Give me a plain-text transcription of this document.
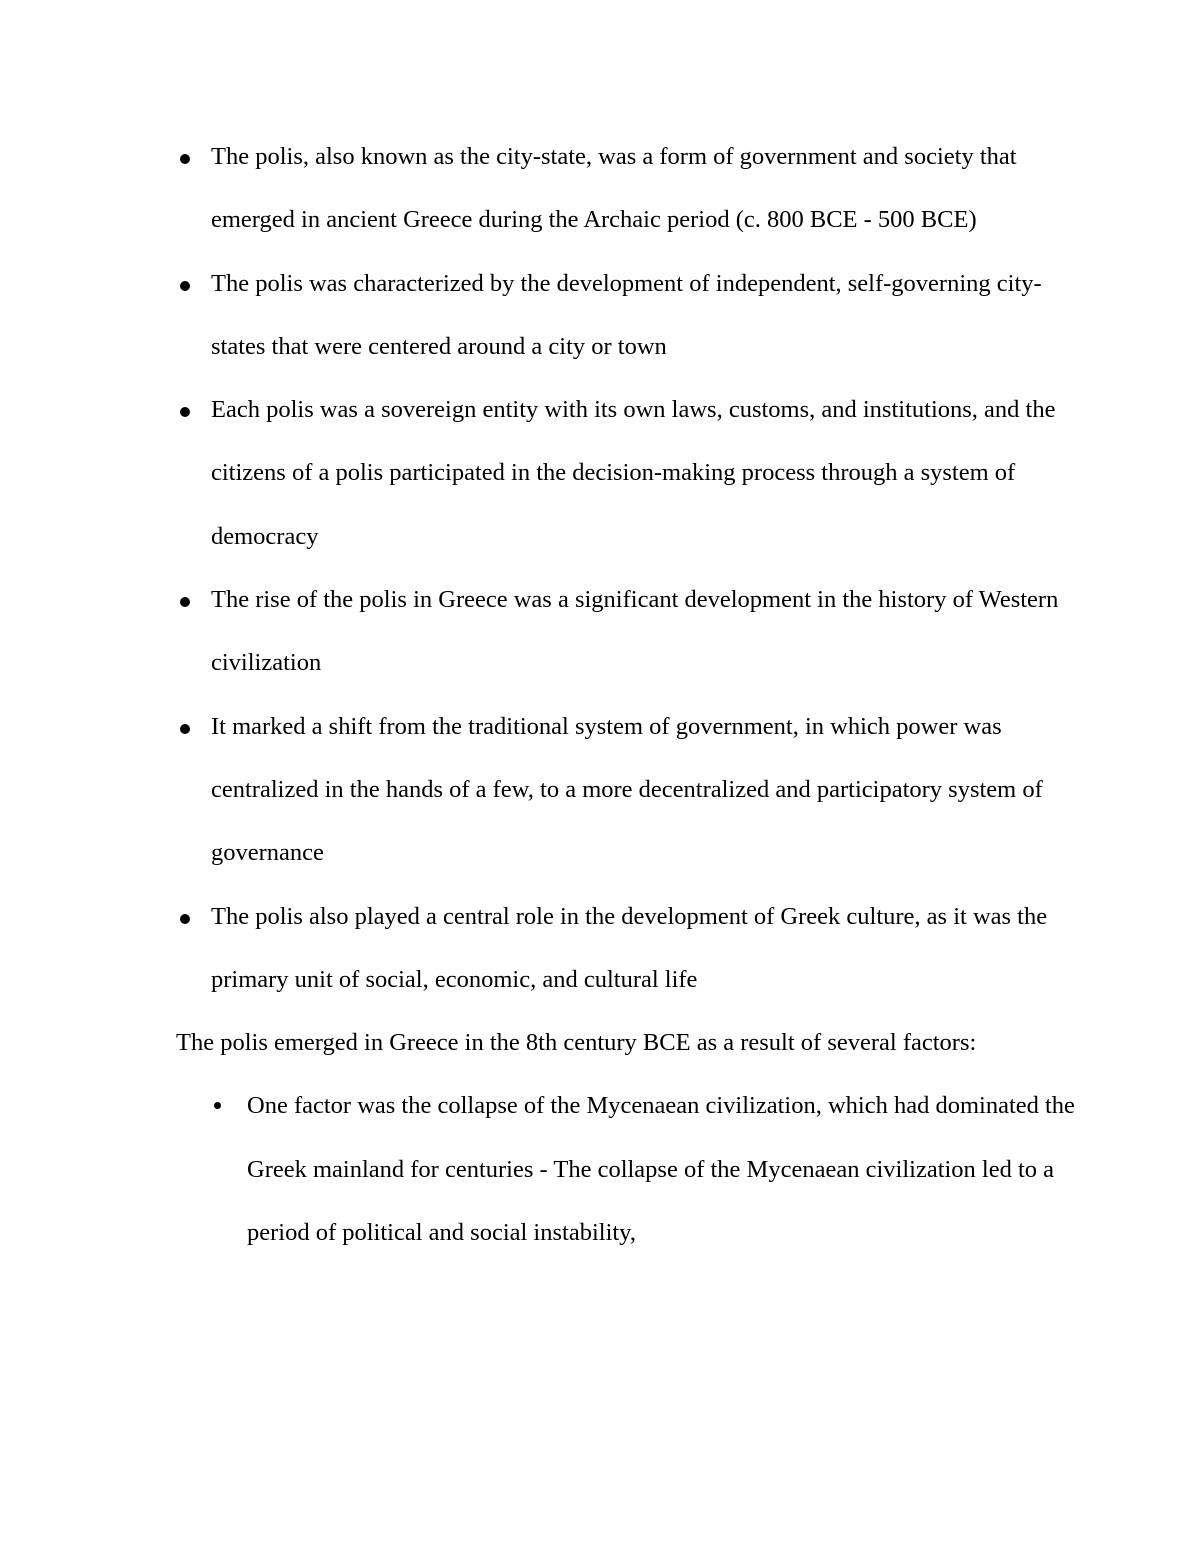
The polis, also known as the city-state, was a form of government and society that emerged in ancient Greece during the Archaic period (c. 800 BCE - 500 BCE)
The polis was characterized by the development of independent, self-governing city-states that were centered around a city or town
Each polis was a sovereign entity with its own laws, customs, and institutions, and the citizens of a polis participated in the decision-making process through a system of democracy
The rise of the polis in Greece was a significant development in the history of Western civilization
It marked a shift from the traditional system of government, in which power was centralized in the hands of a few, to a more decentralized and participatory system of governance
The polis also played a central role in the development of Greek culture, as it was the primary unit of social, economic, and cultural life

The polis emerged in Greece in the 8th century BCE as a result of several factors:

One factor was the collapse of the Mycenaean civilization, which had dominated the Greek mainland for centuries - The collapse of the Mycenaean civilization led to a period of political and social instability,
